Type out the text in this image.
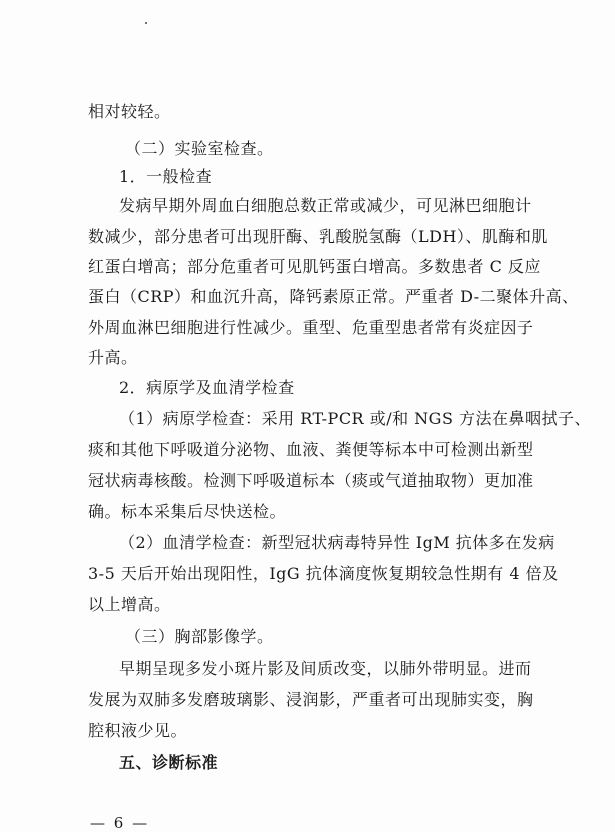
相对较轻。
（二）实验室检查。
1．一般检查
发病早期外周血白细胞总数正常或减少，可见淋巴细胞计
数减少，部分患者可出现肝酶、乳酸脱氢酶（LDH）、肌酶和肌
红蛋白增高；部分危重者可见肌钙蛋白增高。多数患者 C 反应
蛋白（CRP）和血沉升高，降钙素原正常。严重者 D-二聚体升高、
外周血淋巴细胞进行性减少。重型、危重型患者常有炎症因子
升高。
2．病原学及血清学检查
（1）病原学检查：采用 RT-PCR 或/和 NGS 方法在鼻咽拭子、
痰和其他下呼吸道分泌物、血液、粪便等标本中可检测出新型
冠状病毒核酸。检测下呼吸道标本（痰或气道抽取物）更加准
确。标本采集后尽快送检。
（2）血清学检查：新型冠状病毒特异性 IgM 抗体多在发病
3-5 天后开始出现阳性，IgG 抗体滴度恢复期较急性期有 4 倍及
以上增高。
（三）胸部影像学。
早期呈现多发小斑片影及间质改变，以肺外带明显。进而
发展为双肺多发磨玻璃影、浸润影，严重者可出现肺实变，胸
腔积液少见。
五、诊断标准
— 6 —
